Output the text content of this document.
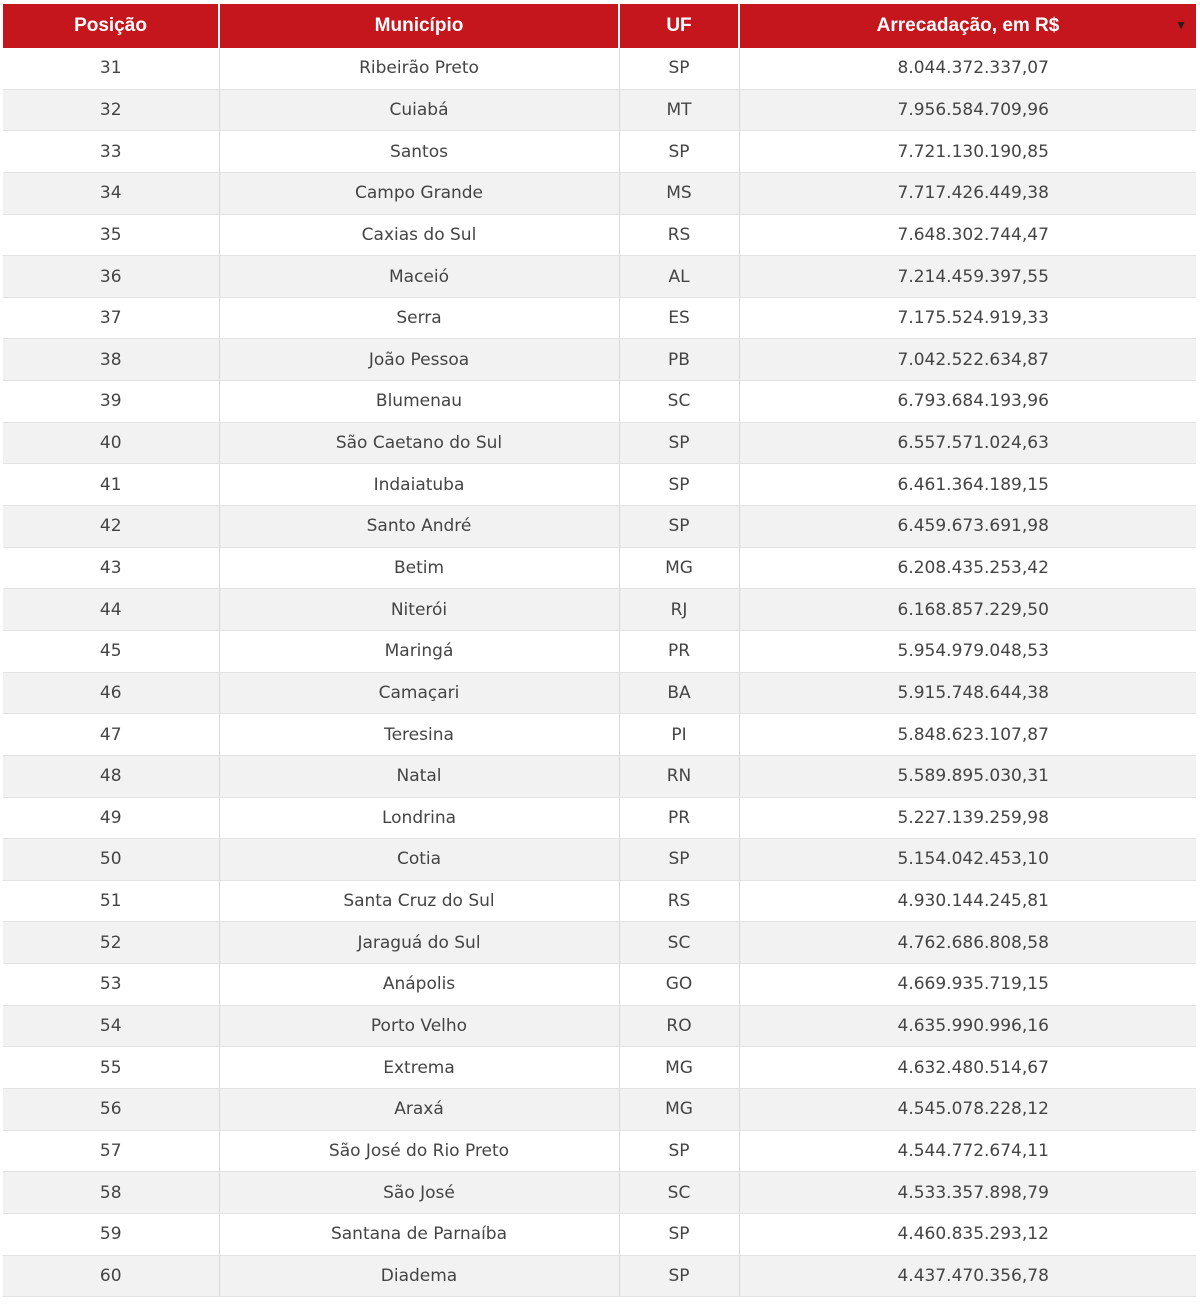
Posição	Município	UF	Arrecadação, em R$ ▼

31	Ribeirão Preto	SP	8.044.372.337,07
32	Cuiabá	MT	7.956.584.709,96
33	Santos	SP	7.721.130.190,85
34	Campo Grande	MS	7.717.426.449,38
35	Caxias do Sul	RS	7.648.302.744,47
36	Maceió	AL	7.214.459.397,55
37	Serra	ES	7.175.524.919,33
38	João Pessoa	PB	7.042.522.634,87
39	Blumenau	SC	6.793.684.193,96
40	São Caetano do Sul	SP	6.557.571.024,63
41	Indaiatuba	SP	6.461.364.189,15
42	Santo André	SP	6.459.673.691,98
43	Betim	MG	6.208.435.253,42
44	Niterói	RJ	6.168.857.229,50
45	Maringá	PR	5.954.979.048,53
46	Camaçari	BA	5.915.748.644,38
47	Teresina	PI	5.848.623.107,87
48	Natal	RN	5.589.895.030,31
49	Londrina	PR	5.227.139.259,98
50	Cotia	SP	5.154.042.453,10
51	Santa Cruz do Sul	RS	4.930.144.245,81
52	Jaraguá do Sul	SC	4.762.686.808,58
53	Anápolis	GO	4.669.935.719,15
54	Porto Velho	RO	4.635.990.996,16
55	Extrema	MG	4.632.480.514,67
56	Araxá	MG	4.545.078.228,12
57	São José do Rio Preto	SP	4.544.772.674,11
58	São José	SC	4.533.357.898,79
59	Santana de Parnaíba	SP	4.460.835.293,12
60	Diadema	SP	4.437.470.356,78
